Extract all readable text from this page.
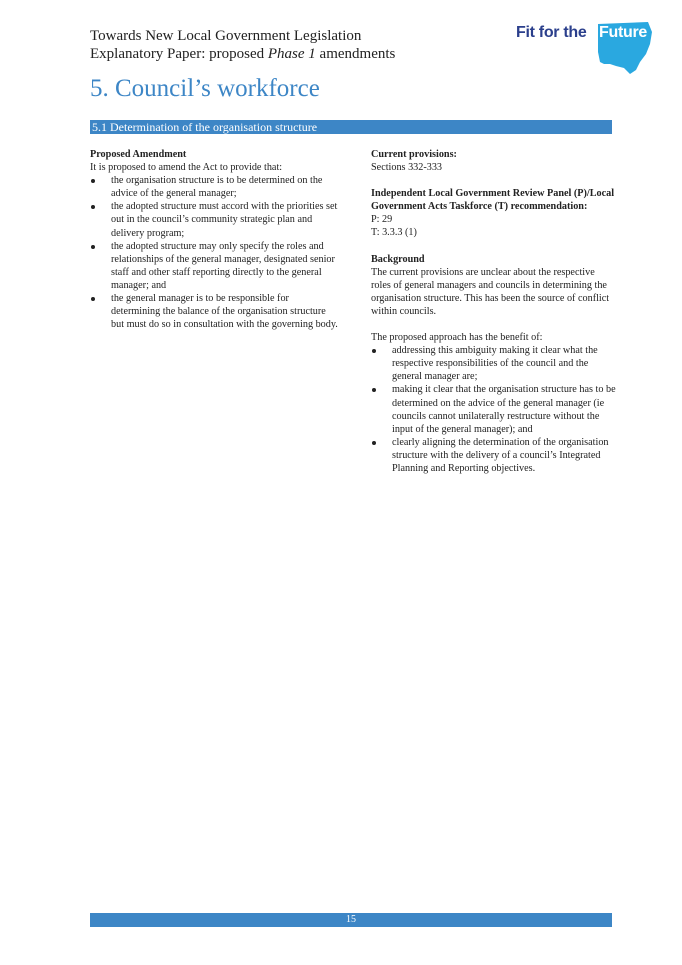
Towards New Local Government Legislation
Explanatory Paper: proposed Phase 1 amendments
Fit for the Future
5. Council’s workforce
5.1 Determination of the organisation structure
Proposed Amendment
It is proposed to amend the Act to provide that:
the organisation structure is to be determined on the advice of the general manager;
the adopted structure must accord with the priorities set out in the council’s community strategic plan and delivery program;
the adopted structure may only specify the roles and relationships of the general manager, designated senior staff and other staff reporting directly to the general manager; and
the general manager is to be responsible for determining the balance of the organisation structure but must do so in consultation with the governing body.
Current provisions:
Sections 332-333
Independent Local Government Review Panel (P)/Local Government Acts Taskforce (T) recommendation:
P: 29
T: 3.3.3 (1)
Background
The current provisions are unclear about the respective roles of general managers and councils in determining the organisation structure. This has been the source of conflict within councils.
The proposed approach has the benefit of:
addressing this ambiguity making it clear what the respective responsibilities of the council and the general manager are;
making it clear that the organisation structure has to be determined on the advice of the general manager (ie councils cannot unilaterally restructure without the input of the general manager); and
clearly aligning the determination of the organisation structure with the delivery of a council’s Integrated Planning and Reporting objectives.
15
